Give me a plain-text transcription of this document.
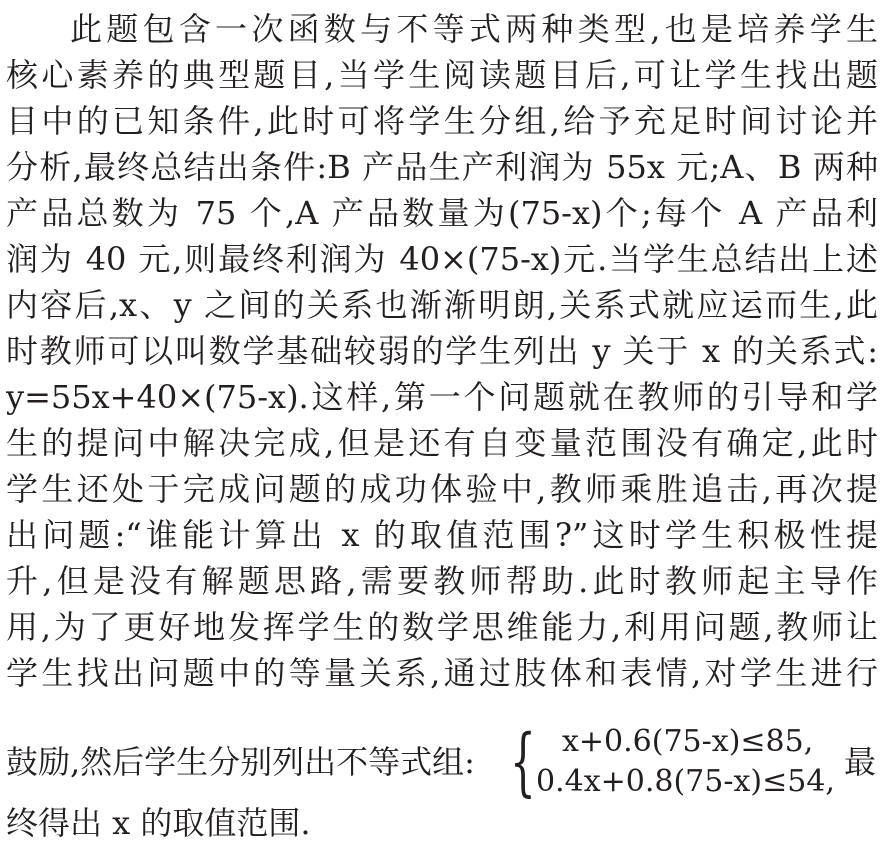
此题包含一次函数与不等式两种类型,也是培养学生
核心素养的典型题目,当学生阅读题目后,可让学生找出题
目中的已知条件,此时可将学生分组,给予充足时间讨论并
分析,最终总结出条件:B 产品生产利润为 55x 元;A、B 两种
产品总数为 75 个,A 产品数量为(75-x)个;每个 A 产品利
润为 40 元,则最终利润为 40×(75-x)元.当学生总结出上述
内容后,x、y 之间的关系也渐渐明朗,关系式就应运而生,此
时教师可以叫数学基础较弱的学生列出 y 关于 x 的关系式:
y=55x+40×(75-x).这样,第一个问题就在教师的引导和学
生的提问中解决完成,但是还有自变量范围没有确定,此时
学生还处于完成问题的成功体验中,教师乘胜追击,再次提
出问题:“谁能计算出 x 的取值范围?”这时学生积极性提
升,但是没有解题思路,需要教师帮助.此时教师起主导作
用,为了更好地发挥学生的数学思维能力,利用问题,教师让
学生找出问题中的等量关系,通过肢体和表情,对学生进行
鼓励,然后学生分别列出不等式组: { x+0.6(75-x)≤85,
0.4x+0.8(75-x)≤54,
最
终得出 x 的取值范围.
